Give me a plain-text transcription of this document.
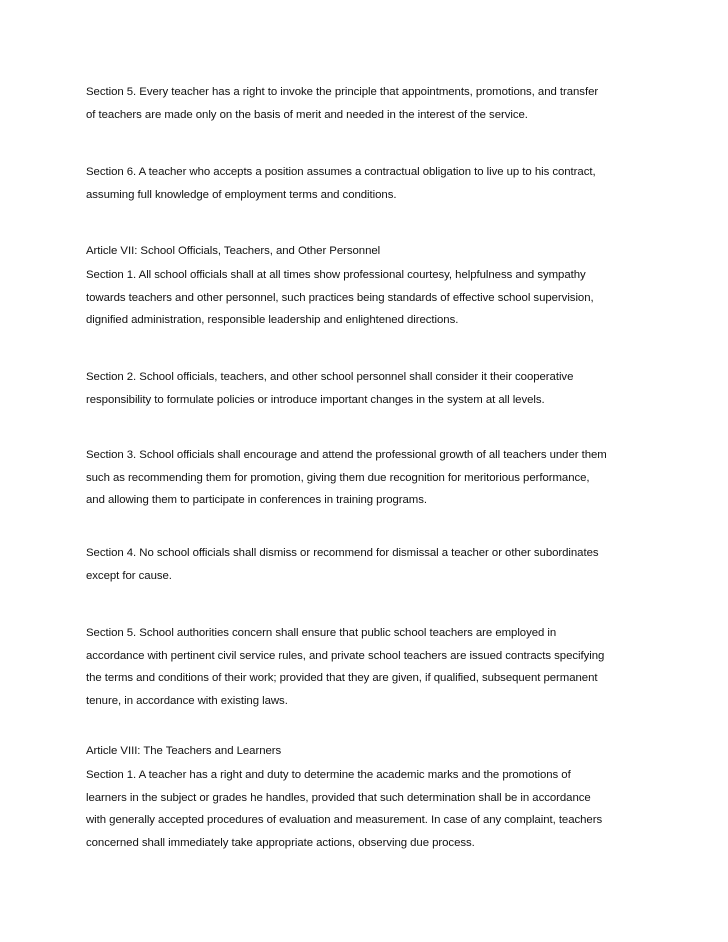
Section 5. Every teacher has a right to invoke the principle that appointments, promotions, and transfer
of teachers are made only on the basis of merit and needed in the interest of the service.

Section 6. A teacher who accepts a position assumes a contractual obligation to live up to his contract,
assuming full knowledge of employment terms and conditions.

Article VII: School Officials, Teachers, and Other Personnel

Section 1. All school officials shall at all times show professional courtesy, helpfulness and sympathy
towards teachers and other personnel, such practices being standards of effective school supervision,
dignified administration, responsible leadership and enlightened directions.

Section 2. School officials, teachers, and other school personnel shall consider it their cooperative
responsibility to formulate policies or introduce important changes in the system at all levels.

Section 3. School officials shall encourage and attend the professional growth of all teachers under them
such as recommending them for promotion, giving them due recognition for meritorious performance,
and allowing them to participate in conferences in training programs.

Section 4. No school officials shall dismiss or recommend for dismissal a teacher or other subordinates
except for cause.

Section 5. School authorities concern shall ensure that public school teachers are employed in
accordance with pertinent civil service rules, and private school teachers are issued contracts specifying
the terms and conditions of their work; provided that they are given, if qualified, subsequent permanent
tenure, in accordance with existing laws.

Article VIII: The Teachers and Learners

Section 1. A teacher has a right and duty to determine the academic marks and the promotions of
learners in the subject or grades he handles, provided that such determination shall be in accordance
with generally accepted procedures of evaluation and measurement. In case of any complaint, teachers
concerned shall immediately take appropriate actions, observing due process.
